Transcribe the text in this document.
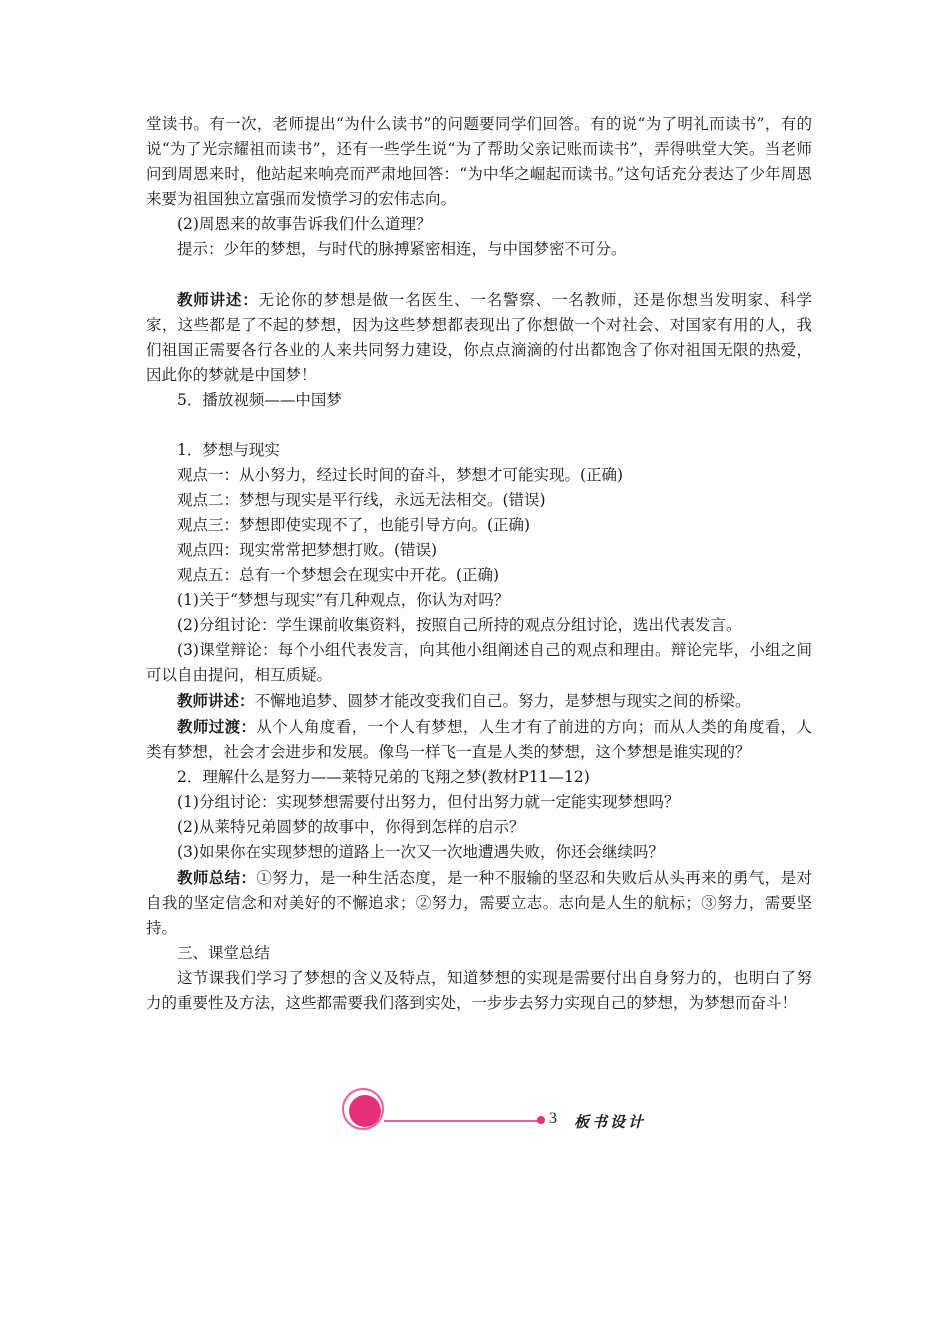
堂读书。有一次，老师提出“为什么读书”的问题要同学们回答。有的说“为了明礼而读书”，有的说“为了光宗耀祖而读书”，还有一些学生说“为了帮助父亲记账而读书”，弄得哄堂大笑。当老师问到周恩来时，他站起来响亮而严肃地回答：“为中华之崛起而读书。”这句话充分表达了少年周恩来要为祖国独立富强而发愤学习的宏伟志向。

(2)周恩来的故事告诉我们什么道理？

提示：少年的梦想，与时代的脉搏紧密相连，与中国梦密不可分。

教师讲述：无论你的梦想是做一名医生、一名警察、一名教师，还是你想当发明家、科学家，这些都是了不起的梦想，因为这些梦想都表现出了你想做一个对社会、对国家有用的人，我们祖国正需要各行各业的人来共同努力建设，你点点滴滴的付出都饱含了你对祖国无限的热爱，因此你的梦就是中国梦！

5．播放视频——中国梦

1．梦想与现实

观点一：从小努力，经过长时间的奋斗，梦想才可能实现。(正确)

观点二：梦想与现实是平行线，永远无法相交。(错误)

观点三：梦想即使实现不了，也能引导方向。(正确)

观点四：现实常常把梦想打败。(错误)

观点五：总有一个梦想会在现实中开花。(正确)

(1)关于“梦想与现实”有几种观点，你认为对吗？

(2)分组讨论：学生课前收集资料，按照自己所持的观点分组讨论，选出代表发言。

(3)课堂辩论：每个小组代表发言，向其他小组阐述自己的观点和理由。辩论完毕，小组之间可以自由提问，相互质疑。

教师讲述：不懈地追梦、圆梦才能改变我们自己。努力，是梦想与现实之间的桥梁。

教师过渡：从个人角度看，一个人有梦想，人生才有了前进的方向；而从人类的角度看，人类有梦想，社会才会进步和发展。像鸟一样飞一直是人类的梦想，这个梦想是谁实现的？

2．理解什么是努力——莱特兄弟的飞翔之梦(教材P11—12)

(1)分组讨论：实现梦想需要付出努力，但付出努力就一定能实现梦想吗？

(2)从莱特兄弟圆梦的故事中，你得到怎样的启示？

(3)如果你在实现梦想的道路上一次又一次地遭遇失败，你还会继续吗？

教师总结：①努力，是一种生活态度，是一种不服输的坚忍和失败后从头再来的勇气，是对自我的坚定信念和对美好的不懈追求；②努力，需要立志。志向是人生的航标；③努力，需要坚持。

三、课堂总结

这节课我们学习了梦想的含义及特点，知道梦想的实现是需要付出自身努力的，也明白了努力的重要性及方法，这些都需要我们落到实处，一步步去努力实现自己的梦想，为梦想而奋斗！

3 板书设计
